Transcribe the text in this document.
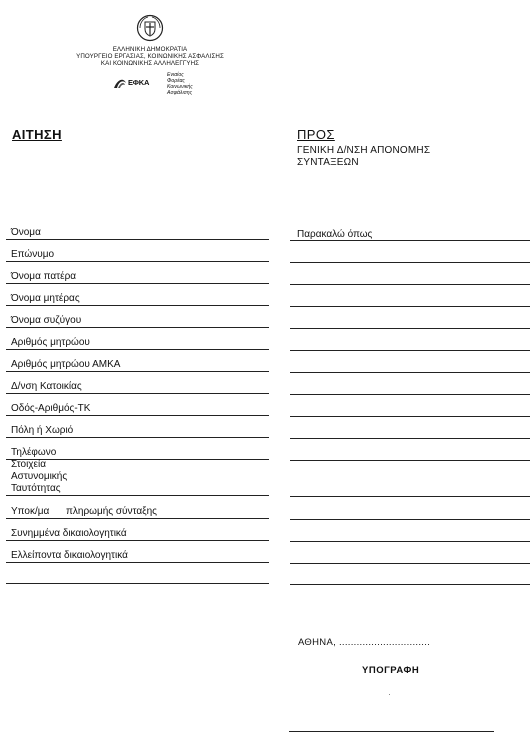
ΕΛΛΗΝΙΚΗ ΔΗΜΟΚΡΑΤΙΑ
ΥΠΟΥΡΓΕΙΟ ΕΡΓΑΣΙΑΣ, ΚΟΙΝΩΝΙΚΗΣ ΑΣΦΑΛΙΣΗΣ
ΚΑΙ ΚΟΙΝΩΝΙΚΗΣ ΑΛΛΗΛΕΓΓΥΗΣ
ΕΦΚΑ
Ενιαίος
Φορέας
Κοινωνικής
Ασφάλισης
ΑΙΤΗΣΗ	ΠΡΟΣ
ΓΕΝΙΚΗ Δ/ΝΣΗ ΑΠΟΝΟΜΗΣ
ΣΥΝΤΑΞΕΩΝ
Όνομα
Επώνυμο
Όνομα πατέρα
Όνομα μητέρας
Όνομα συζύγου
Αριθμός μητρώου
Αριθμός μητρώου ΑΜΚΑ
Δ/νση Κατοικίας
Οδός-Αριθμός-ΤΚ
Πόλη ή Χωριό
Τηλέφωνο
Στοιχεία
Αστυνομικής
Ταυτότητας
Υποκ/μα πληρωμής σύνταξης
Συνημμένα δικαιολογητικά
Ελλείποντα δικαιολογητικά
Παρακαλώ όπως
ΑΘΗΝΑ, ...............................
ΥΠΟΓΡΑΦΗ
